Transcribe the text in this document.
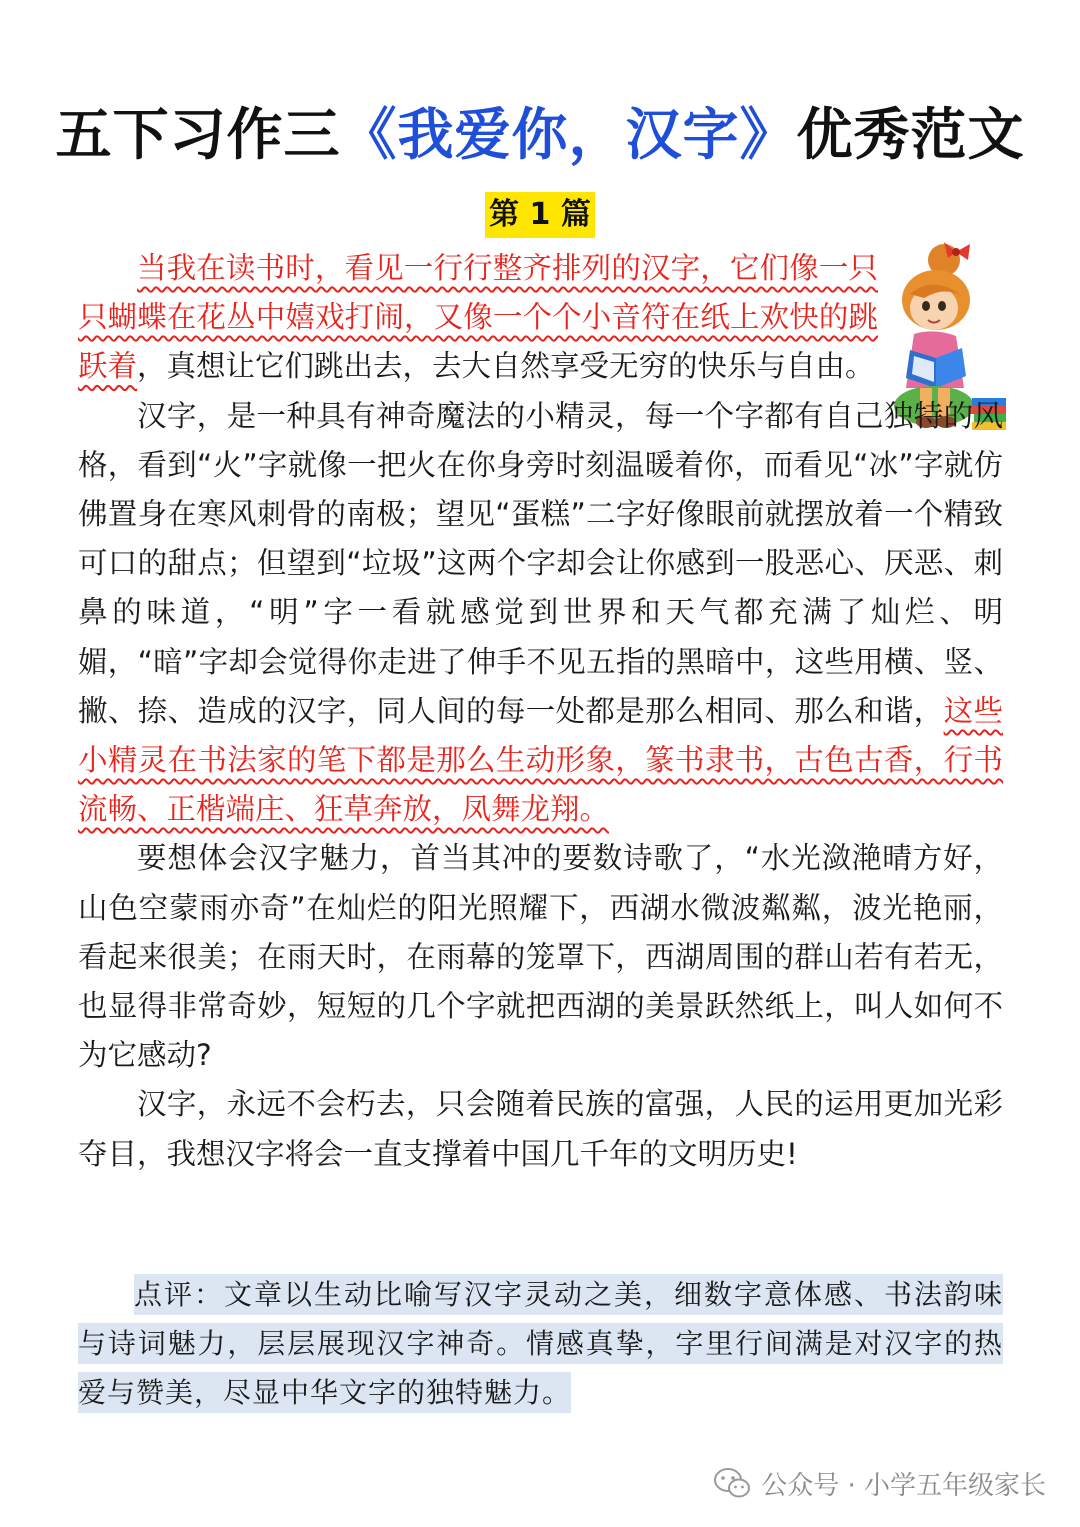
五下习作三《我爱你，汉字》优秀范文
第 1 篇

当我在读书时，看见一行行整齐排列的汉字，它们像一只只蝴蝶在花丛中嬉戏打闹，又像一个个小音符在纸上欢快的跳跃着，真想让它们跳出去，去大自然享受无穷的快乐与自由。

汉字，是一种具有神奇魔法的小精灵，每一个字都有自己独特的风格，看到“火”字就像一把火在你身旁时刻温暖着你，而看见“冰”字就仿佛置身在寒风刺骨的南极；望见“蛋糕”二字好像眼前就摆放着一个精致可口的甜点；但望到“垃圾”这两个字却会让你感到一股恶心、厌恶、刺鼻的味道，“明”字一看就感觉到世界和天气都充满了灿烂、明媚，“暗”字却会觉得你走进了伸手不见五指的黑暗中，这些用横、竖、撇、捺、造成的汉字，同人间的每一处都是那么相同、那么和谐，这些小精灵在书法家的笔下都是那么生动形象，篆书隶书，古色古香，行书流畅、正楷端庄、狂草奔放，凤舞龙翔。

要想体会汉字魅力，首当其冲的要数诗歌了，“水光潋滟晴方好，山色空蒙雨亦奇”在灿烂的阳光照耀下，西湖水微波粼粼，波光艳丽，看起来很美；在雨天时，在雨幕的笼罩下，西湖周围的群山若有若无，也显得非常奇妙，短短的几个字就把西湖的美景跃然纸上，叫人如何不为它感动?

汉字，永远不会朽去，只会随着民族的富强，人民的运用更加光彩夺目，我想汉字将会一直支撑着中国几千年的文明历史!

点评：文章以生动比喻写汉字灵动之美，细数字意体感、书法韵味与诗词魅力，层层展现汉字神奇。情感真挚，字里行间满是对汉字的热爱与赞美，尽显中华文字的独特魅力。
公众号 · 小学五年级家长
